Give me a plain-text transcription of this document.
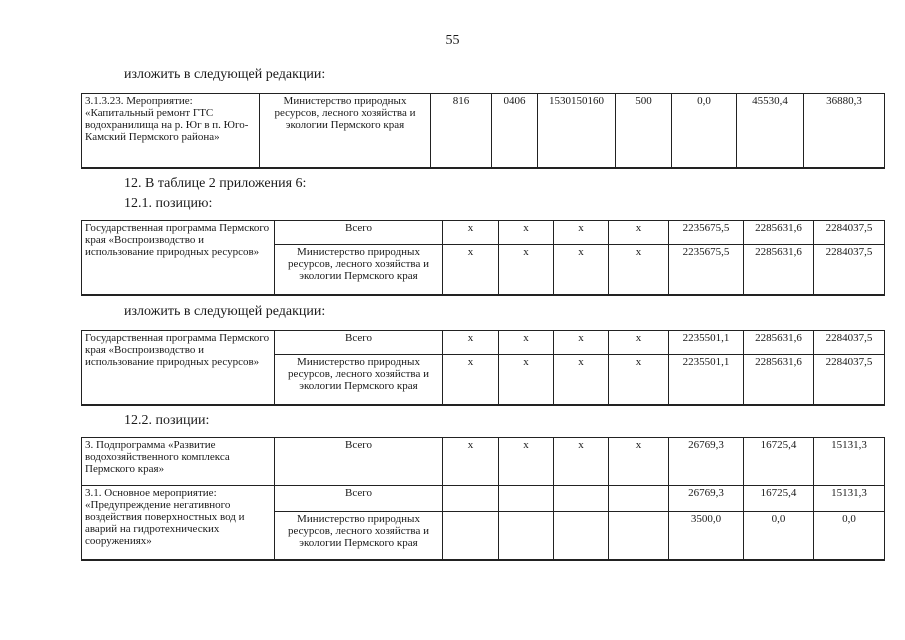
55
изложить в следующей редакции:
3.1.3.23. Мероприятие: «Капитальный ремонт ГТС водохранилища на р. Юг в п. Юго-Камский Пермского района»	Министерство природных ресурсов, лесного хозяйства и экологии Пермского края	816	0406	1530150160	500	0,0	45530,4	36880,3
12. В таблице 2 приложения 6:
12.1. позицию:
Государственная программа Пермского края «Воспроизводство и использование природных ресурсов»	Всего	х	х	х	х	2235675,5	2285631,6	2284037,5
	Министерство природных ресурсов, лесного хозяйства и экологии Пермского края	х	х	х	х	2235675,5	2285631,6	2284037,5
изложить в следующей редакции:
Государственная программа Пермского края «Воспроизводство и использование природных ресурсов»	Всего	х	х	х	х	2235501,1	2285631,6	2284037,5
	Министерство природных ресурсов, лесного хозяйства и экологии Пермского края	х	х	х	х	2235501,1	2285631,6	2284037,5
12.2. позиции:
3. Подпрограмма «Развитие водохозяйственного комплекса Пермского края»	Всего	х	х	х	х	26769,3	16725,4	15131,3
3.1. Основное мероприятие: «Предупреждение негативного воздействия поверхностных вод и аварий на гидротехнических сооружениях»	Всего					26769,3	16725,4	15131,3
	Министерство природных ресурсов, лесного хозяйства и экологии Пермского края					3500,0	0,0	0,0
